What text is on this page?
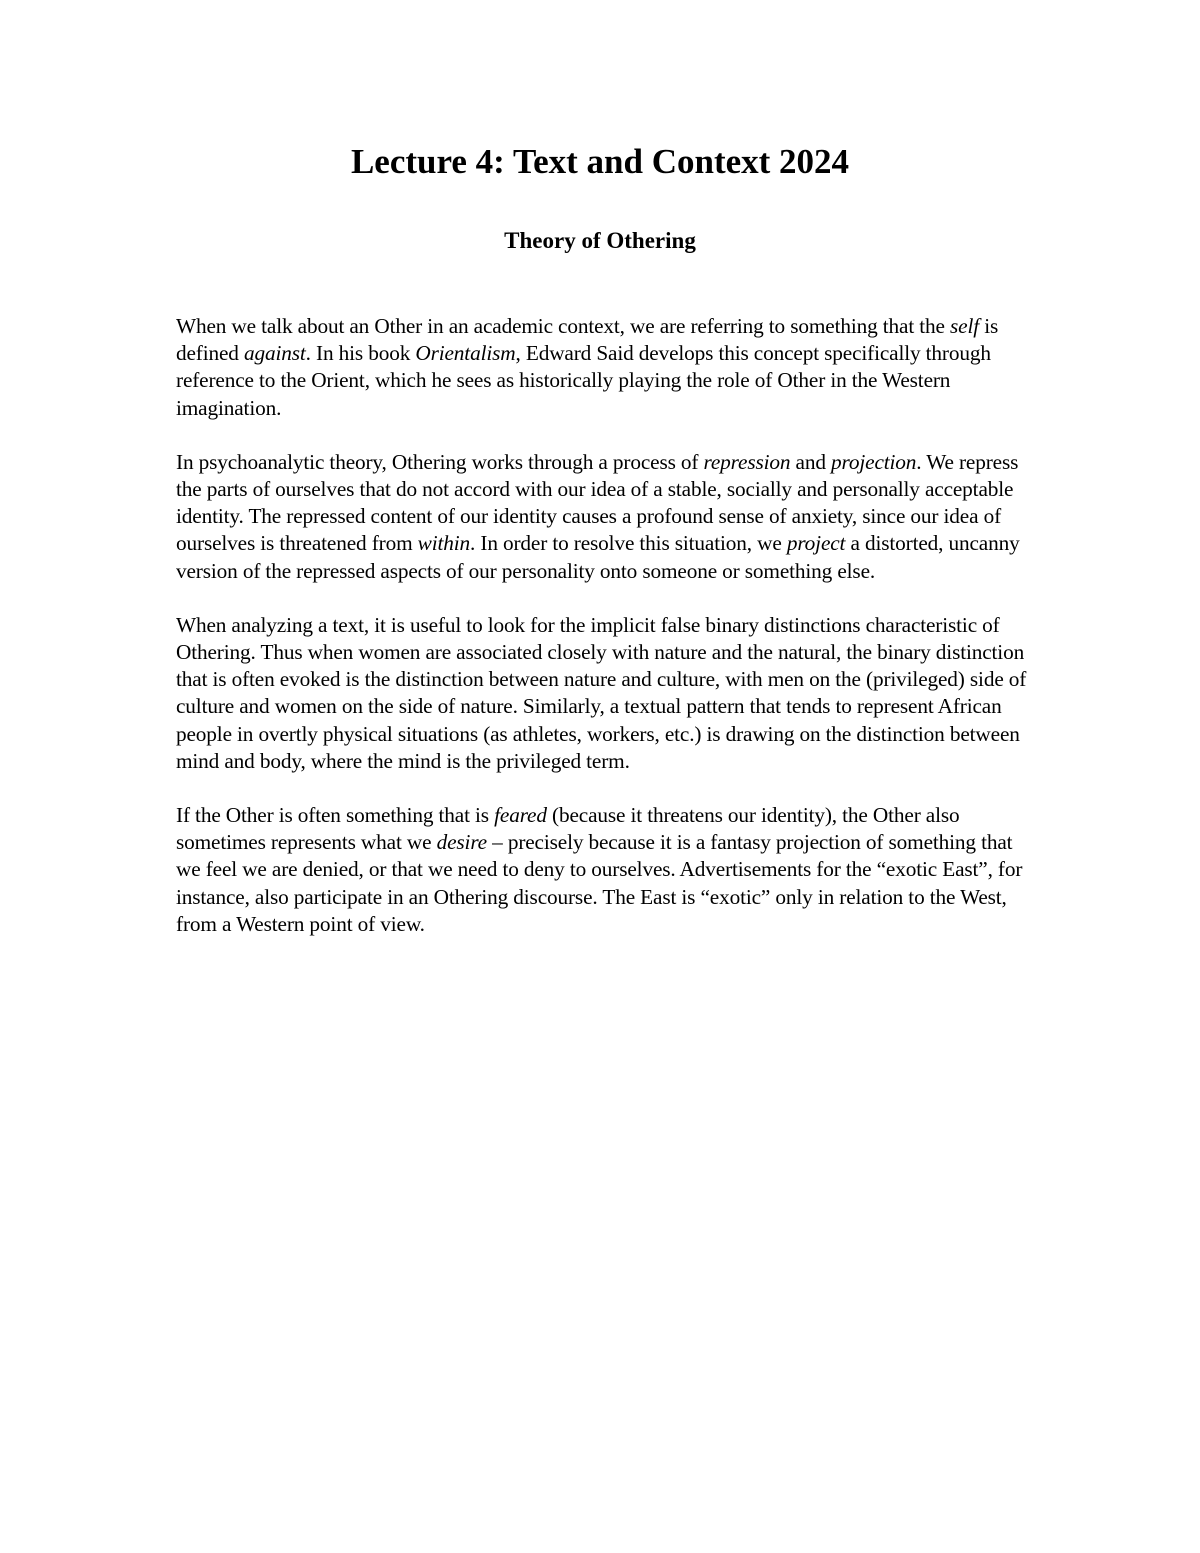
Lecture 4: Text and Context 2024
Theory of Othering

When we talk about an Other in an academic context, we are referring to something that the self is defined against. In his book Orientalism, Edward Said develops this concept specifically through reference to the Orient, which he sees as historically playing the role of Other in the Western imagination.

In psychoanalytic theory, Othering works through a process of repression and projection. We repress the parts of ourselves that do not accord with our idea of a stable, socially and personally acceptable identity. The repressed content of our identity causes a profound sense of anxiety, since our idea of ourselves is threatened from within. In order to resolve this situation, we project a distorted, uncanny version of the repressed aspects of our personality onto someone or something else.

When analyzing a text, it is useful to look for the implicit false binary distinctions characteristic of Othering. Thus when women are associated closely with nature and the natural, the binary distinction that is often evoked is the distinction between nature and culture, with men on the (privileged) side of culture and women on the side of nature. Similarly, a textual pattern that tends to represent African people in overtly physical situations (as athletes, workers, etc.) is drawing on the distinction between mind and body, where the mind is the privileged term.

If the Other is often something that is feared (because it threatens our identity), the Other also sometimes represents what we desire – precisely because it is a fantasy projection of something that we feel we are denied, or that we need to deny to ourselves. Advertisements for the “exotic East”, for instance, also participate in an Othering discourse. The East is “exotic” only in relation to the West, from a Western point of view.
